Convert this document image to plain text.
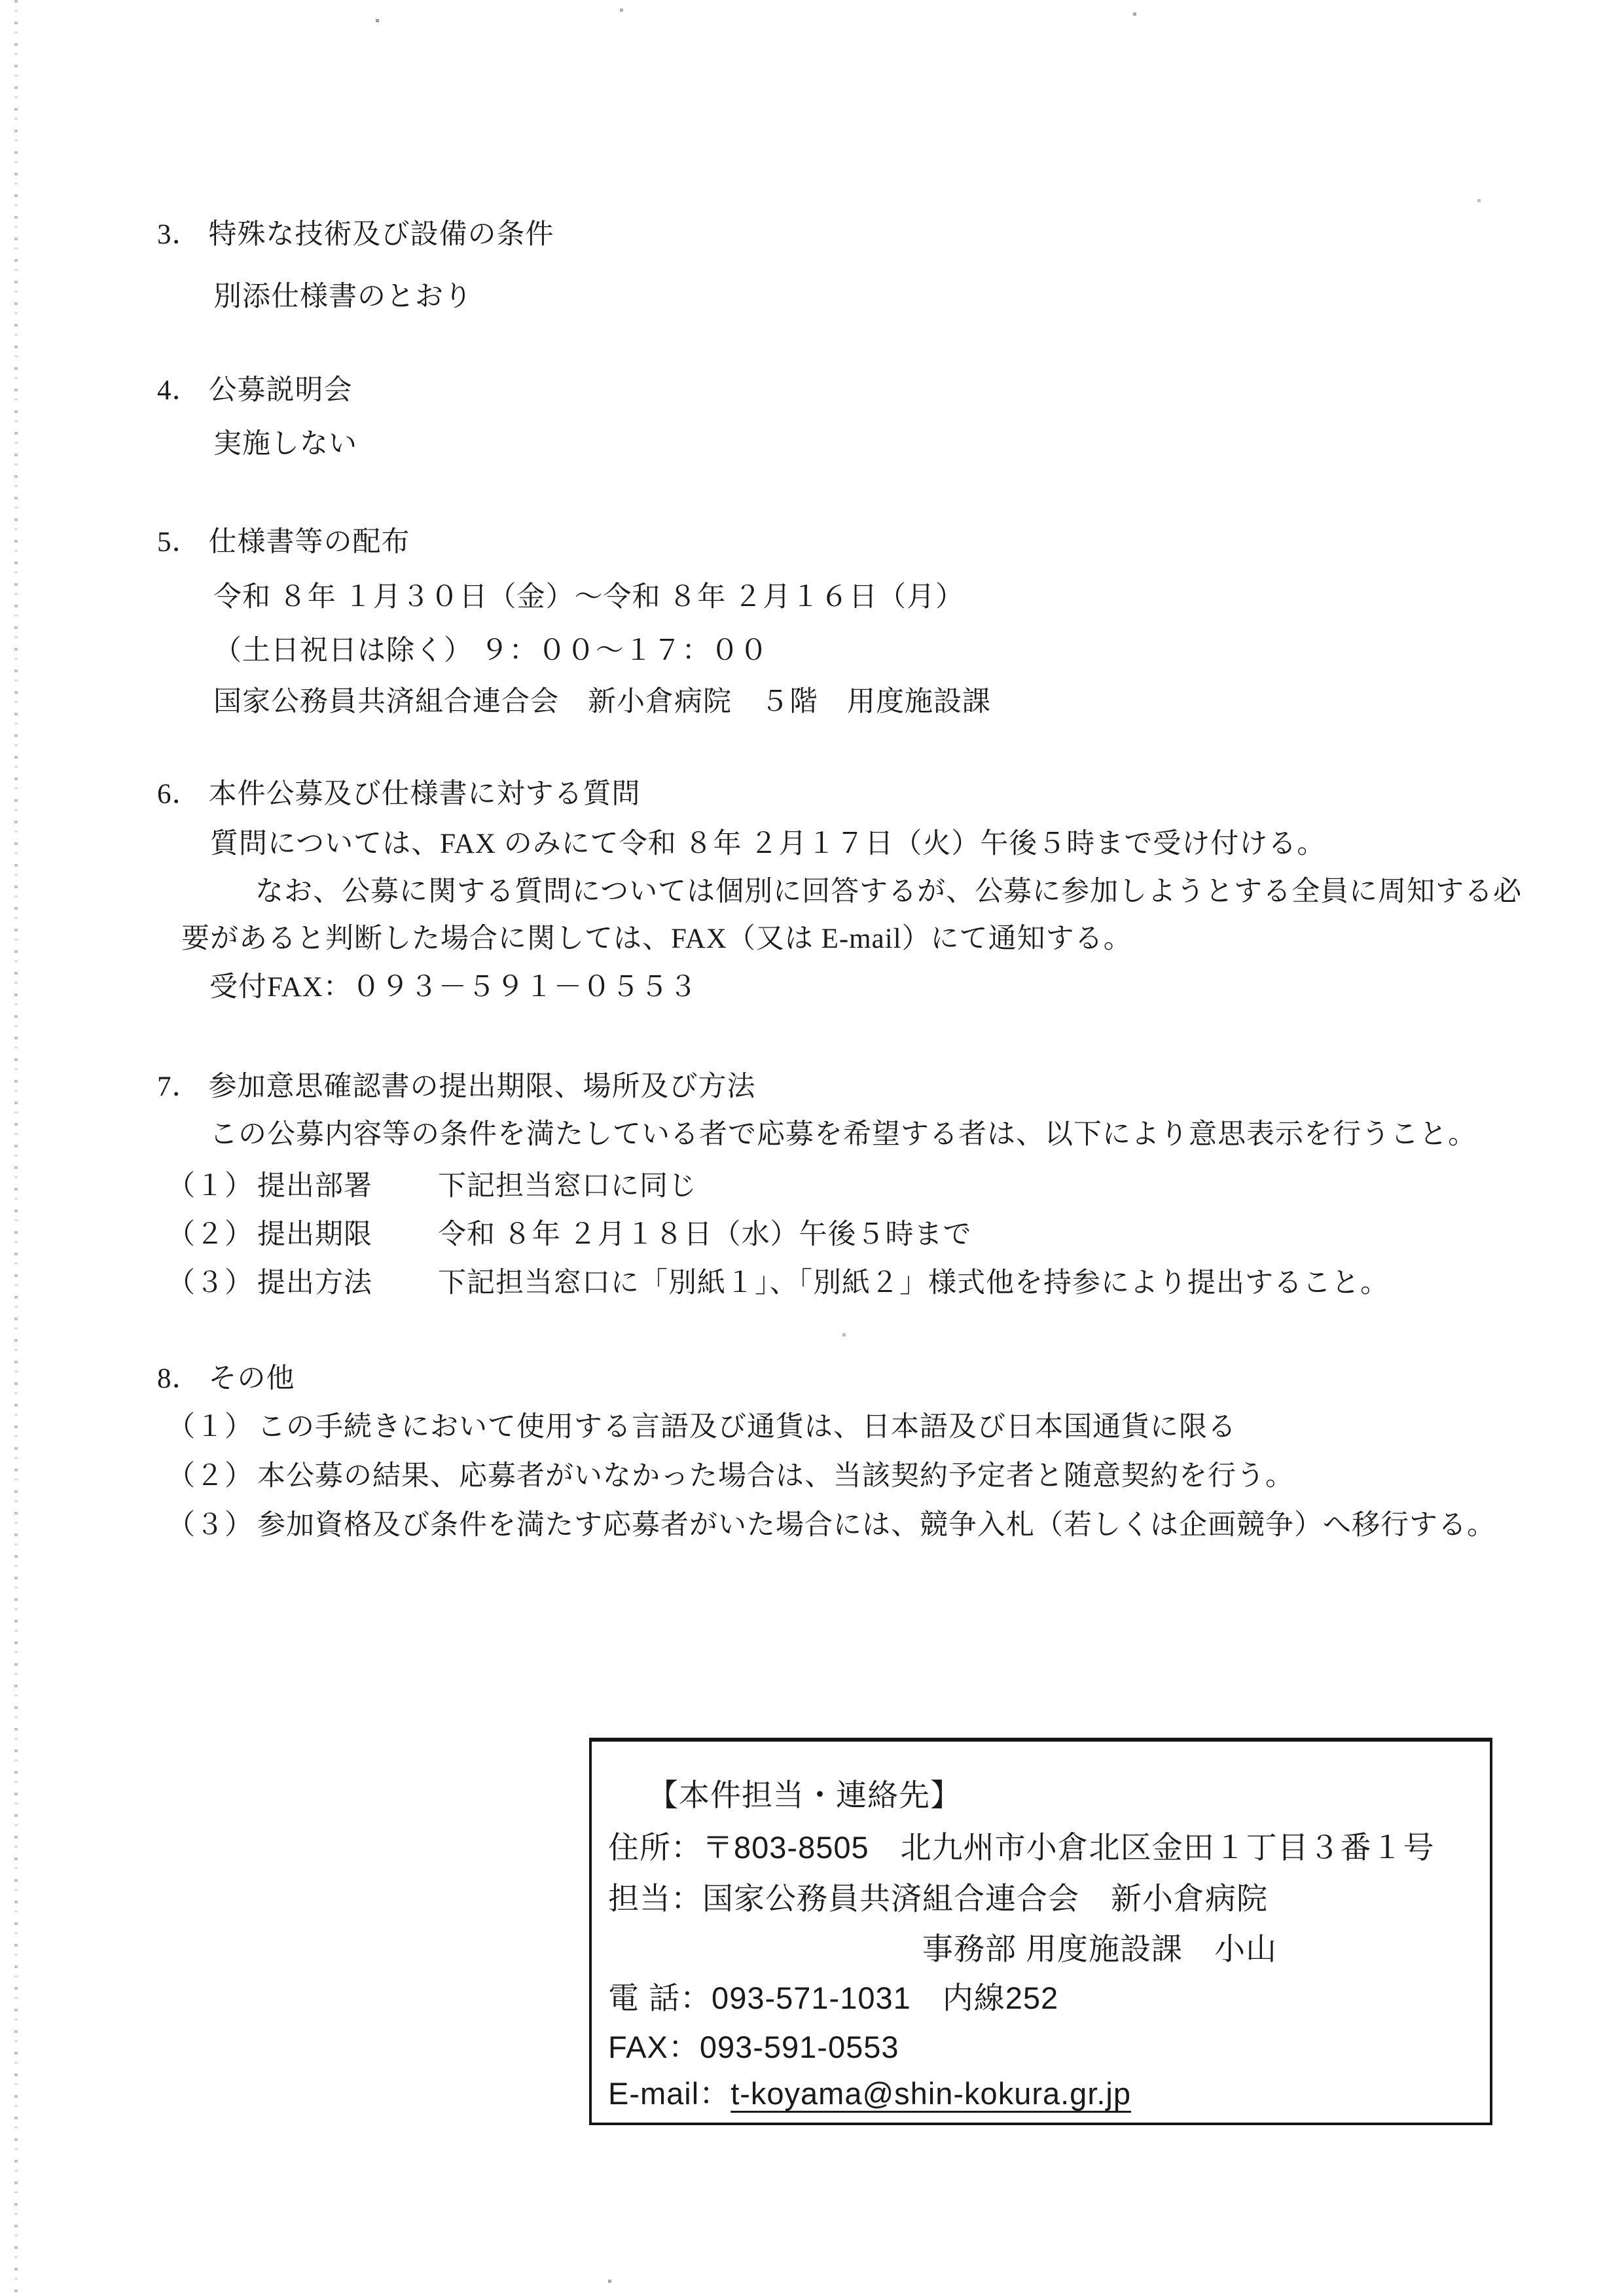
3． 特殊な技術及び設備の条件
別添仕様書のとおり
4． 公募説明会
実施しない
5． 仕様書等の配布
令和 ８年 １月３０日（金）～令和 ８年 ２月１６日（月）
（土日祝日は除く） ９：００～１７：００
国家公務員共済組合連合会　新小倉病院　５階　用度施設課
6． 本件公募及び仕様書に対する質問
質問については、FAX のみにて令和 ８年 ２月１７日（火）午後５時まで受け付ける。
なお、公募に関する質問については個別に回答するが、公募に参加しようとする全員に周知する必
要があると判断した場合に関しては、FAX（又は E-mail）にて通知する。
受付FAX：０９３－５９１－０５５３
7． 参加意思確認書の提出期限、場所及び方法
この公募内容等の条件を満たしている者で応募を希望する者は、以下により意思表示を行うこと。
（１） 提出部署 下記担当窓口に同じ
（２） 提出期限 令和 ８年 ２月１８日（水）午後５時まで
（３） 提出方法 下記担当窓口に「別紙１」、「別紙２」様式他を持参により提出すること。
8． その他
（１） この手続きにおいて使用する言語及び通貨は、日本語及び日本国通貨に限る
（２） 本公募の結果、応募者がいなかった場合は、当該契約予定者と随意契約を行う。
（３） 参加資格及び条件を満たす応募者がいた場合には、競争入札（若しくは企画競争）へ移行する。
【本件担当・連絡先】
住所：〒803-8505　北九州市小倉北区金田１丁目３番１号
担当：国家公務員共済組合連合会　新小倉病院
事務部 用度施設課　小山
電 話：093-571-1031　内線252
FAX：093-591-0553
E-mail：t-koyama@shin-kokura.gr.jp
